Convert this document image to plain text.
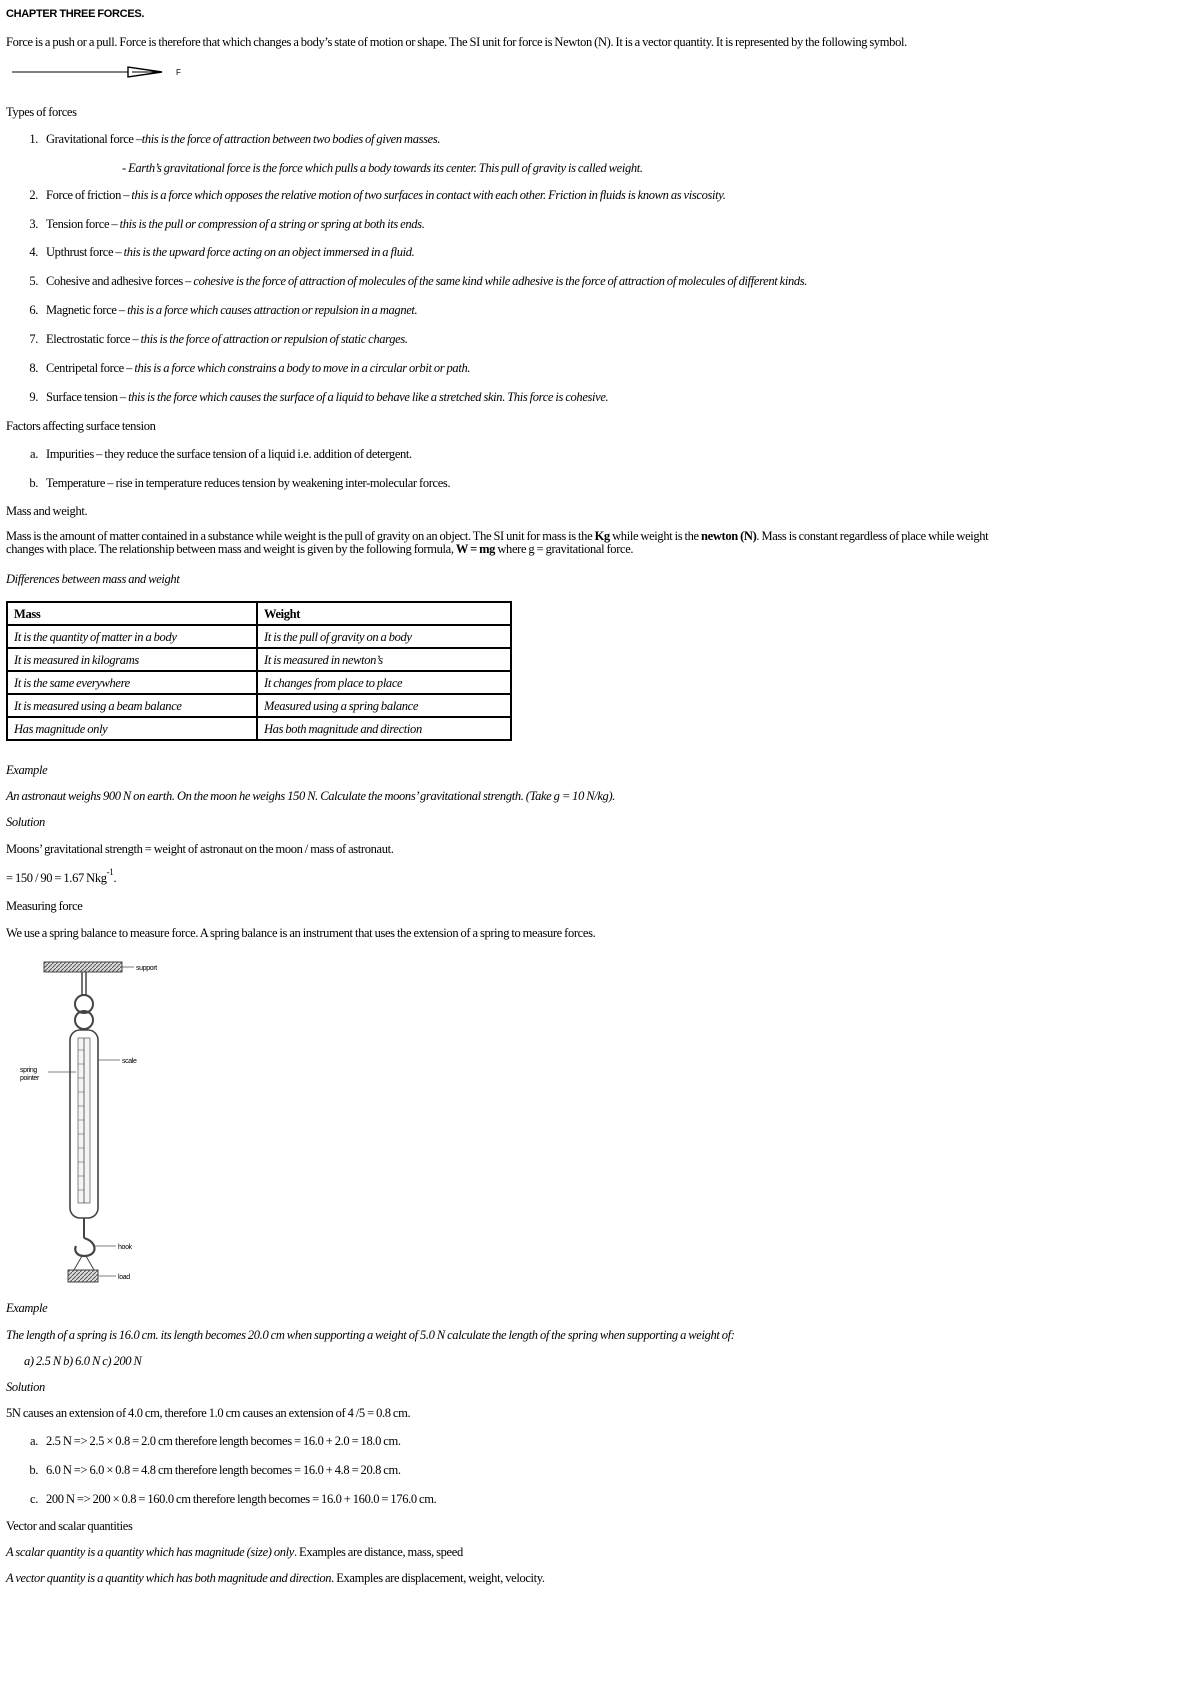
CHAPTER THREE FORCES.
Force is a push or a pull. Force is therefore that which changes a body’s state of motion or shape. The SI unit for force is Newton (N). It is a vector quantity. It is represented by the following symbol.
F
Types of forces
1. Gravitational force –this is the force of attraction between two bodies of given masses.
- Earth’s gravitational force is the force which pulls a body towards its center. This pull of gravity is called weight.
2. Force of friction – this is a force which opposes the relative motion of two surfaces in contact with each other. Friction in fluids is known as viscosity.
3. Tension force – this is the pull or compression of a string or spring at both its ends.
4. Upthrust force – this is the upward force acting on an object immersed in a fluid.
5. Cohesive and adhesive forces – cohesive is the force of attraction of molecules of the same kind while adhesive is the force of attraction of molecules of different kinds.
6. Magnetic force – this is a force which causes attraction or repulsion in a magnet.
7. Electrostatic force – this is the force of attraction or repulsion of static charges.
8. Centripetal force – this is a force which constrains a body to move in a circular orbit or path.
9. Surface tension – this is the force which causes the surface of a liquid to behave like a stretched skin. This force is cohesive.
Factors affecting surface tension
a. Impurities – they reduce the surface tension of a liquid i.e. addition of detergent.
b. Temperature – rise in temperature reduces tension by weakening inter-molecular forces.
Mass and weight.
Mass is the amount of matter contained in a substance while weight is the pull of gravity on an object. The SI unit for mass is the Kg while weight is the newton (N). Mass is constant regardless of place while weight
changes with place. The relationship between mass and weight is given by the following formula, W = mg where g = gravitational force.
Differences between mass and weight
Mass	Weight
It is the quantity of matter in a body	It is the pull of gravity on a body
It is measured in kilograms	It is measured in newton’s
It is the same everywhere	It changes from place to place
It is measured using a beam balance	Measured using a spring balance
Has magnitude only	Has both magnitude and direction
Example
An astronaut weighs 900 N on earth. On the moon he weighs 150 N. Calculate the moons’ gravitational strength. (Take g = 10 N/kg).
Solution
Moons’ gravitational strength = weight of astronaut on the moon / mass of astronaut.
= 150 / 90 = 1.67 Nkg$^{-1}$.
Measuring force
We use a spring balance to measure force. A spring balance is an instrument that uses the extension of a spring to measure forces.
support
scale
spring
pointer
hook
load
Example
The length of a spring is 16.0 cm. its length becomes 20.0 cm when supporting a weight of 5.0 N calculate the length of the spring when supporting a weight of:
a) 2.5 N b) 6.0 N c) 200 N
Solution
5N causes an extension of 4.0 cm, therefore 1.0 cm causes an extension of 4 /5 = 0.8 cm.
a. 2.5 N => 2.5 × 0.8 = 2.0 cm therefore length becomes = 16.0 + 2.0 = 18.0 cm.
b. 6.0 N => 6.0 × 0.8 = 4.8 cm therefore length becomes = 16.0 + 4.8 = 20.8 cm.
c. 200 N => 200 × 0.8 = 160.0 cm therefore length becomes = 16.0 + 160.0 = 176.0 cm.
Vector and scalar quantities
A scalar quantity is a quantity which has magnitude (size) only. Examples are distance, mass, speed
A vector quantity is a quantity which has both magnitude and direction. Examples are displacement, weight, velocity.
